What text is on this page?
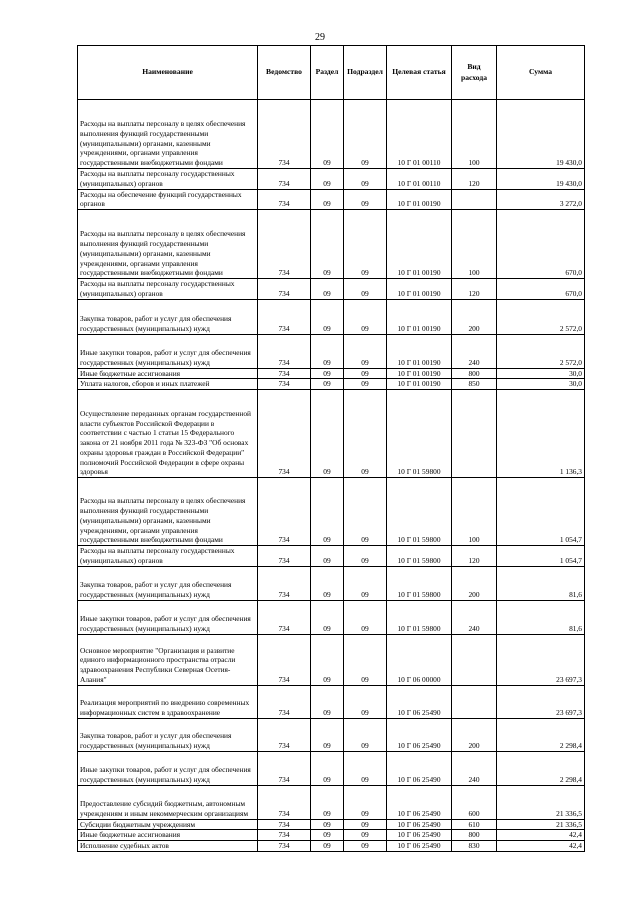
29
Наименование	Ведомство	Раздел	Подраздел	Целевая статья	Вид расхода	Сумма

Расходы на выплаты персоналу в целях обеспечения выполнения функций государственными (муниципальными) органами, казенными учреждениями, органами управления государственными внебюджетными фондами	734	09	09	10 Г 01 00110	100	19 430,0

Расходы на выплаты персоналу государственных (муниципальных) органов	734	09	09	10 Г 01 00110	120	19 430,0

Расходы на обеспечение функций государственных органов	734	09	09	10 Г 01 00190		3 272,0

Расходы на выплаты персоналу в целях обеспечения выполнения функций государственными (муниципальными) органами, казенными учреждениями, органами управления государственными внебюджетными фондами	734	09	09	10 Г 01 00190	100	670,0

Расходы на выплаты персоналу государственных (муниципальных) органов	734	09	09	10 Г 01 00190	120	670,0

Закупка товаров, работ и услуг для обеспечения государственных (муниципальных) нужд	734	09	09	10 Г 01 00190	200	2 572,0

Иные закупки товаров, работ и услуг для обеспечения государственных (муниципальных) нужд	734	09	09	10 Г 01 00190	240	2 572,0

Иные бюджетные ассигнования	734	09	09	10 Г 01 00190	800	30,0

Уплата налогов, сборов и иных платежей	734	09	09	10 Г 01 00190	850	30,0

Осуществление переданных органам государственной власти субъектов Российской Федерации в соответствии с частью 1 статьи 15 Федерального закона от 21 ноября 2011 года № 323-ФЗ "Об основах охраны здоровья граждан в Российской Федерации" полномочий Российской Федерации в сфере охраны здоровья	734	09	09	10 Г 01 59800		1 136,3

Расходы на выплаты персоналу в целях обеспечения выполнения функций государственными (муниципальными) органами, казенными учреждениями, органами управления государственными внебюджетными фондами	734	09	09	10 Г 01 59800	100	1 054,7

Расходы на выплаты персоналу государственных (муниципальных) органов	734	09	09	10 Г 01 59800	120	1 054,7

Закупка товаров, работ и услуг для обеспечения государственных (муниципальных) нужд	734	09	09	10 Г 01 59800	200	81,6

Иные закупки товаров, работ и услуг для обеспечения государственных (муниципальных) нужд	734	09	09	10 Г 01 59800	240	81,6

Основное мероприятие "Организация и развитие единого информационного пространства отрасли здравоохранения Республики Северная Осетия-Алания"	734	09	09	10 Г 06 00000		23 697,3

Реализация мероприятий по внедрению современных информационных систем в здравоохранение	734	09	09	10 Г 06 25490		23 697,3

Закупка товаров, работ и услуг для обеспечения государственных (муниципальных) нужд	734	09	09	10 Г 06 25490	200	2 298,4

Иные закупки товаров, работ и услуг для обеспечения государственных (муниципальных) нужд	734	09	09	10 Г 06 25490	240	2 298,4

Предоставление субсидий бюджетным, автономным учреждениям и иным некоммерческим организациям	734	09	09	10 Г 06 25490	600	21 336,5

Субсидии бюджетным учреждениям	734	09	09	10 Г 06 25490	610	21 336,5

Иные бюджетные ассигнования	734	09	09	10 Г 06 25490	800	42,4

Исполнение судебных актов	734	09	09	10 Г 06 25490	830	42,4
